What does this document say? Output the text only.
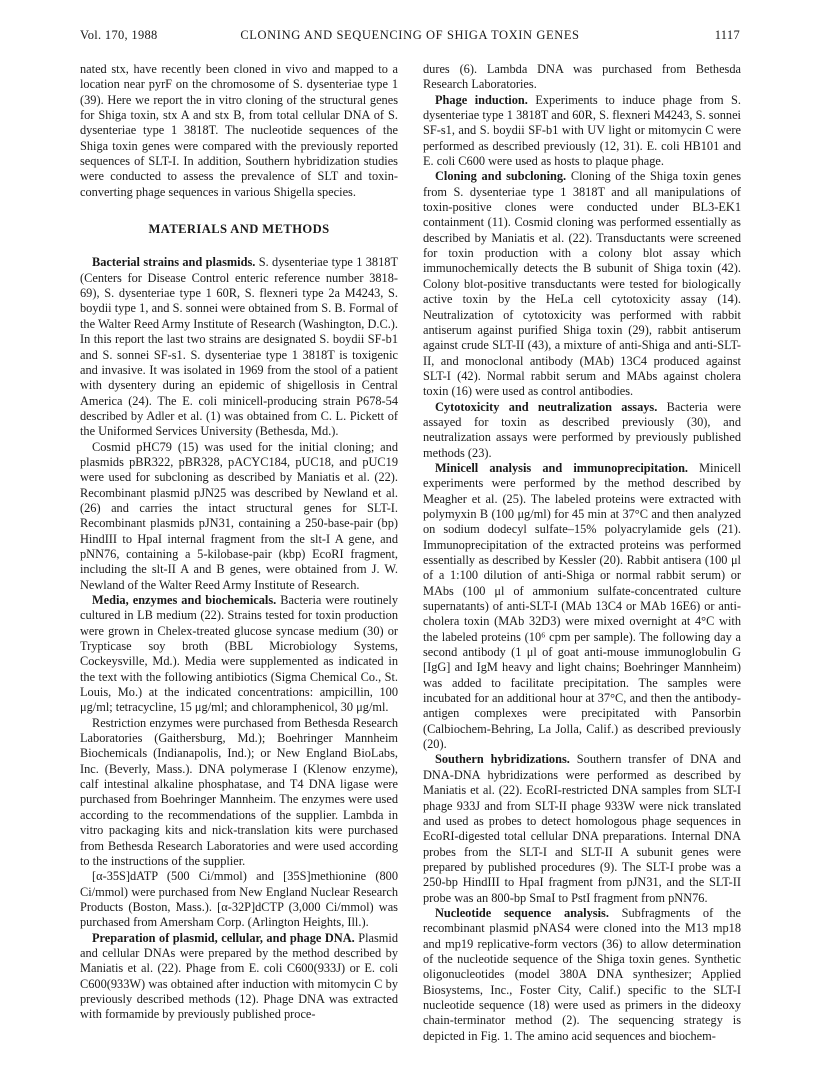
Vol. 170, 1988	CLONING AND SEQUENCING OF SHIGA TOXIN GENES	1117

nated stx, have recently been cloned in vivo and mapped to a location near pyrF on the chromosome of S. dysenteriae type 1 (39). Here we report the in vitro cloning of the structural genes for Shiga toxin, stx A and stx B, from total cellular DNA of S. dysenteriae type 1 3818T. The nucleotide sequences of the Shiga toxin genes were compared with the previously reported sequences of SLT-I. In addition, Southern hybridization studies were conducted to assess the prevalence of SLT and toxin-converting phage sequences in various Shigella species.

MATERIALS AND METHODS

Bacterial strains and plasmids. S. dysenteriae type 1 3818T (Centers for Disease Control enteric reference number 3818-69), S. dysenteriae type 1 60R, S. flexneri type 2a M4243, S. boydii type 1, and S. sonnei were obtained from S. B. Formal of the Walter Reed Army Institute of Research (Washington, D.C.). In this report the last two strains are designated S. boydii SF-b1 and S. sonnei SF-s1. S. dysenteriae type 1 3818T is toxigenic and invasive. It was isolated in 1969 from the stool of a patient with dysentery during an epidemic of shigellosis in Central America (24). The E. coli minicell-producing strain P678-54 described by Adler et al. (1) was obtained from C. L. Pickett of the Uniformed Services University (Bethesda, Md.).

Cosmid pHC79 (15) was used for the initial cloning; and plasmids pBR322, pBR328, pACYC184, pUC18, and pUC19 were used for subcloning as described by Maniatis et al. (22). Recombinant plasmid pJN25 was described by Newland et al. (26) and carries the intact structural genes for SLT-I. Recombinant plasmids pJN31, containing a 250-base-pair (bp) HindIII to HpaI internal fragment from the slt-I A gene, and pNN76, containing a 5-kilobase-pair (kbp) EcoRI fragment, including the slt-II A and B genes, were obtained from J. W. Newland of the Walter Reed Army Institute of Research.

Media, enzymes and biochemicals. Bacteria were routinely cultured in LB medium (22). Strains tested for toxin production were grown in Chelex-treated glucose syncase medium (30) or Trypticase soy broth (BBL Microbiology Systems, Cockeysville, Md.). Media were supplemented as indicated in the text with the following antibiotics (Sigma Chemical Co., St. Louis, Mo.) at the indicated concentrations: ampicillin, 100 μg/ml; tetracycline, 15 μg/ml; and chloramphenicol, 30 μg/ml.

Restriction enzymes were purchased from Bethesda Research Laboratories (Gaithersburg, Md.); Boehringer Mannheim Biochemicals (Indianapolis, Ind.); or New England BioLabs, Inc. (Beverly, Mass.). DNA polymerase I (Klenow enzyme), calf intestinal alkaline phosphatase, and T4 DNA ligase were purchased from Boehringer Mannheim. The enzymes were used according to the recommendations of the supplier. Lambda in vitro packaging kits and nick-translation kits were purchased from Bethesda Research Laboratories and were used according to the instructions of the supplier.

[α-35S]dATP (500 Ci/mmol) and [35S]methionine (800 Ci/mmol) were purchased from New England Nuclear Research Products (Boston, Mass.). [α-32P]dCTP (3,000 Ci/mmol) was purchased from Amersham Corp. (Arlington Heights, Ill.).

Preparation of plasmid, cellular, and phage DNA. Plasmid and cellular DNAs were prepared by the method described by Maniatis et al. (22). Phage from E. coli C600(933J) or E. coli C600(933W) was obtained after induction with mitomycin C by previously described methods (12). Phage DNA was extracted with formamide by previously published proce-

dures (6). Lambda DNA was purchased from Bethesda Research Laboratories.

Phage induction. Experiments to induce phage from S. dysenteriae type 1 3818T and 60R, S. flexneri M4243, S. sonnei SF-s1, and S. boydii SF-b1 with UV light or mitomycin C were performed as described previously (12, 31). E. coli HB101 and E. coli C600 were used as hosts to plaque phage.

Cloning and subcloning. Cloning of the Shiga toxin genes from S. dysenteriae type 1 3818T and all manipulations of toxin-positive clones were conducted under BL3-EK1 containment (11). Cosmid cloning was performed essentially as described by Maniatis et al. (22). Transductants were screened for toxin production with a colony blot assay which immunochemically detects the B subunit of Shiga toxin (42). Colony blot-positive transductants were tested for biologically active toxin by the HeLa cell cytotoxicity assay (14). Neutralization of cytotoxicity was performed with rabbit antiserum against purified Shiga toxin (29), rabbit antiserum against crude SLT-II (43), a mixture of anti-Shiga and anti-SLT-II, and monoclonal antibody (MAb) 13C4 produced against SLT-I (42). Normal rabbit serum and MAbs against cholera toxin (16) were used as control antibodies.

Cytotoxicity and neutralization assays. Bacteria were assayed for toxin as described previously (30), and neutralization assays were performed by previously published methods (23).

Minicell analysis and immunoprecipitation. Minicell experiments were performed by the method described by Meagher et al. (25). The labeled proteins were extracted with polymyxin B (100 μg/ml) for 45 min at 37°C and then analyzed on sodium dodecyl sulfate–15% polyacrylamide gels (21). Immunoprecipitation of the extracted proteins was performed essentially as described by Kessler (20). Rabbit antisera (100 μl of a 1:100 dilution of anti-Shiga or normal rabbit serum) or MAbs (100 μl of ammonium sulfate-concentrated culture supernatants) of anti-SLT-I (MAb 13C4 or MAb 16E6) or anti-cholera toxin (MAb 32D3) were mixed overnight at 4°C with the labeled proteins (10⁶ cpm per sample). The following day a second antibody (1 μl of goat anti-mouse immunoglobulin G [IgG] and IgM heavy and light chains; Boehringer Mannheim) was added to facilitate precipitation. The samples were incubated for an additional hour at 37°C, and then the antibody-antigen complexes were precipitated with Pansorbin (Calbiochem-Behring, La Jolla, Calif.) as described previously (20).

Southern hybridizations. Southern transfer of DNA and DNA-DNA hybridizations were performed as described by Maniatis et al. (22). EcoRI-restricted DNA samples from SLT-I phage 933J and from SLT-II phage 933W were nick translated and used as probes to detect homologous phage sequences in EcoRI-digested total cellular DNA preparations. Internal DNA probes from the SLT-I and SLT-II A subunit genes were prepared by published procedures (9). The SLT-I probe was a 250-bp HindIII to HpaI fragment from pJN31, and the SLT-II probe was an 800-bp SmaI to PstI fragment from pNN76.

Nucleotide sequence analysis. Subfragments of the recombinant plasmid pNAS4 were cloned into the M13 mp18 and mp19 replicative-form vectors (36) to allow determination of the nucleotide sequence of the Shiga toxin genes. Synthetic oligonucleotides (model 380A DNA synthesizer; Applied Biosystems, Inc., Foster City, Calif.) specific to the SLT-I nucleotide sequence (18) were used as primers in the dideoxy chain-terminator method (2). The sequencing strategy is depicted in Fig. 1. The amino acid sequences and biochem-
